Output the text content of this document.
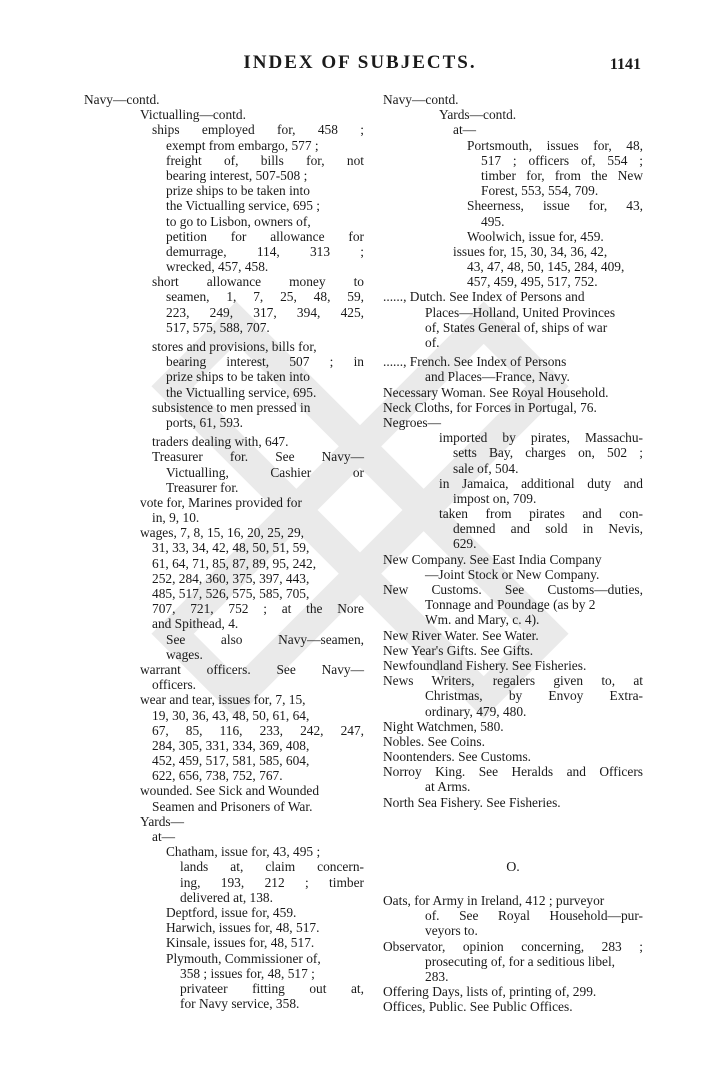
INDEX OF SUBJECTS.	1141
Navy—contd.
Victualling—contd.
ships employed for, 458 ;
exempt from embargo, 577 ;
freight of, bills for, not
bearing interest, 507-508 ;
prize ships to be taken into
the Victualling service, 695 ;
to go to Lisbon, owners of,
petition for allowance for
demurrage, 114, 313 ;
wrecked, 457, 458.
short allowance money to
seamen, 1, 7, 25, 48, 59,
223, 249, 317, 394, 425,
517, 575, 588, 707.
stores and provisions, bills for,
bearing interest, 507 ; in
prize ships to be taken into
the Victualling service, 695.
subsistence to men pressed in
ports, 61, 593.
traders dealing with, 647.
Treasurer for. See Navy—
Victualling, Cashier or
Treasurer for.
vote for, Marines provided for
in, 9, 10.
wages, 7, 8, 15, 16, 20, 25, 29,
31, 33, 34, 42, 48, 50, 51, 59,
61, 64, 71, 85, 87, 89, 95, 242,
252, 284, 360, 375, 397, 443,
485, 517, 526, 575, 585, 705,
707, 721, 752 ; at the Nore
and Spithead, 4.
See also Navy—seamen,
wages.
warrant officers. See Navy—
officers.
wear and tear, issues for, 7, 15,
19, 30, 36, 43, 48, 50, 61, 64,
67, 85, 116, 233, 242, 247,
284, 305, 331, 334, 369, 408,
452, 459, 517, 581, 585, 604,
622, 656, 738, 752, 767.
wounded. See Sick and Wounded
Seamen and Prisoners of War.
Yards—
at—
Chatham, issue for, 43, 495 ;
lands at, claim concern-
ing, 193, 212 ; timber
delivered at, 138.
Deptford, issue for, 459.
Harwich, issues for, 48, 517.
Kinsale, issues for, 48, 517.
Plymouth, Commissioner of,
358 ; issues for, 48, 517 ;
privateer fitting out at,
for Navy service, 358.
Navy—contd.
Yards—contd.
at—
Portsmouth, issues for, 48,
517 ; officers of, 554 ;
timber for, from the New
Forest, 553, 554, 709.
Sheerness, issue for, 43,
495.
Woolwich, issue for, 459.
issues for, 15, 30, 34, 36, 42,
43, 47, 48, 50, 145, 284, 409,
457, 459, 495, 517, 752.
......, Dutch. See Index of Persons and
Places—Holland, United Provinces
of, States General of, ships of war
of.
......, French. See Index of Persons
and Places—France, Navy.
Necessary Woman. See Royal Household.
Neck Cloths, for Forces in Portugal, 76.
Negroes—
imported by pirates, Massachu-
setts Bay, charges on, 502 ;
sale of, 504.
in Jamaica, additional duty and
impost on, 709.
taken from pirates and con-
demned and sold in Nevis,
629.
New Company. See East India Company
—Joint Stock or New Company.
New Customs. See Customs—duties,
Tonnage and Poundage (as by 2
Wm. and Mary, c. 4).
New River Water. See Water.
New Year's Gifts. See Gifts.
Newfoundland Fishery. See Fisheries.
News Writers, regalers given to, at
Christmas, by Envoy Extra-
ordinary, 479, 480.
Night Watchmen, 580.
Nobles. See Coins.
Noontenders. See Customs.
Norroy King. See Heralds and Officers
at Arms.
North Sea Fishery. See Fisheries.
O.
Oats, for Army in Ireland, 412 ; purveyor
of. See Royal Household—pur-
veyors to.
Observator, opinion concerning, 283 ;
prosecuting of, for a seditious libel,
283.
Offering Days, lists of, printing of, 299.
Offices, Public. See Public Offices.
